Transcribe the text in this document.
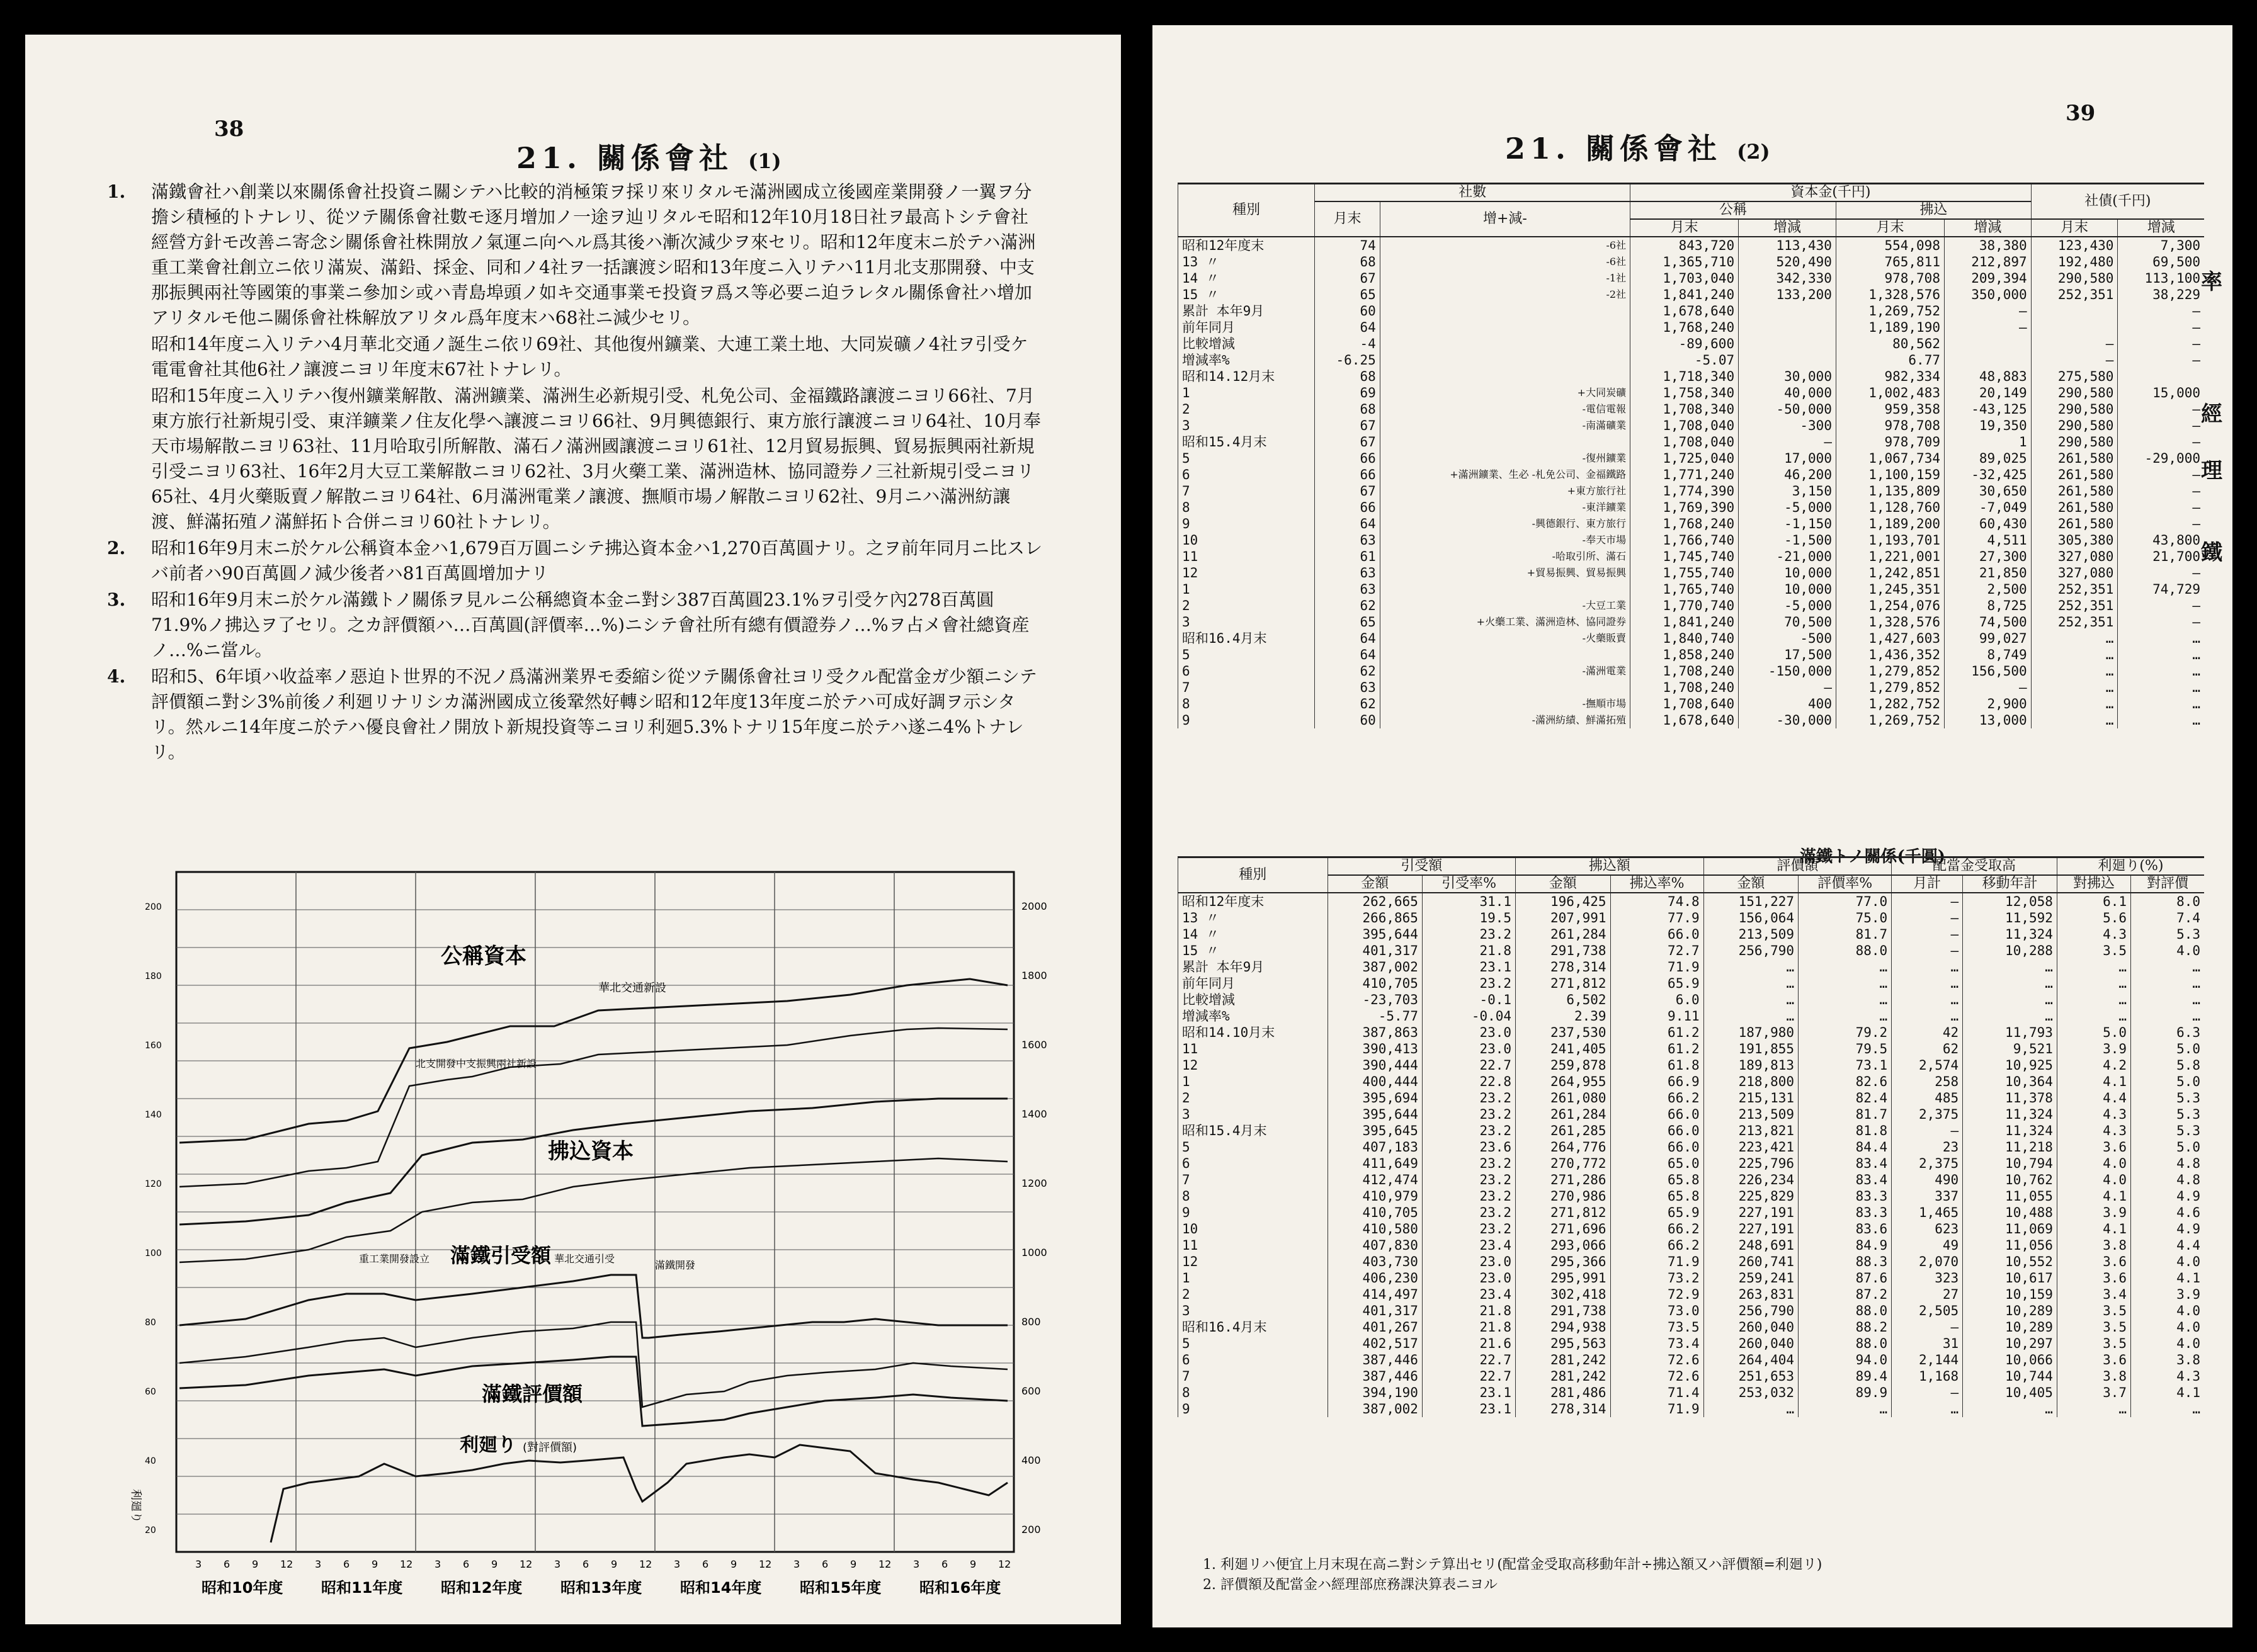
38
21. 關係會社 (1)
1. 滿鐵會社ハ創業以來關係會社投資ニ關シテハ比較的消極策ヲ採リ來リタルモ滿洲國成立後國産業開發ノ一翼ヲ分擔シ積極的トナレリ、從ツテ關係會社數モ逐月增加ノ一途ヲ辿リタルモ昭和12年10月18日社ヲ最高トシテ會社經營方針モ改善ニ寄念シ關係會社株開放ノ氣運ニ向ヘル爲其後ハ漸次減少ヲ來セリ。昭和12年度末ニ於テハ滿洲重工業會社創立ニ依リ滿炭、滿鉛、採金、同和ノ4社ヲ一括讓渡シ昭和13年度ニ入リテハ11月北支那開發、中支那振興兩社等國策的事業ニ參加シ或ハ青島埠頭ノ如キ交通事業モ投資ヲ爲ス等必要ニ迫ラレタル關係會社ハ增加アリタルモ他ニ關係會社株解放アリタル爲年度末ハ68社ニ減少セリ。
昭和14年度ニ入リテハ4月華北交通ノ誕生ニ依リ69社、其他復州鑛業、大連工業土地、大同炭礦ノ4社ヲ引受ケ電電會社其他6社ノ讓渡ニヨリ年度末67社トナレリ。
昭和15年度ニ入リテハ復州鑛業解散、滿洲鑛業、滿洲生必新規引受、札免公司、金福鐵路讓渡ニヨリ66社、7月東方旅行社新規引受、東洋鑛業ノ住友化學ヘ讓渡ニヨリ66社、9月興德銀行、東方旅行讓渡ニヨリ64社、10月奉天市場解散ニヨリ63社、11月哈取引所解散、滿石ノ滿洲國讓渡ニヨリ61社、12月貿易振興、貿易振興兩社新規引受ニヨリ63社、16年2月大豆工業解散ニヨリ62社、3月火藥工業、滿洲造林、協同證券ノ三社新規引受ニヨリ65社、4月火藥販賣ノ解散ニヨリ64社、6月滿洲電業ノ讓渡、撫順市場ノ解散ニヨリ62社、9月ニハ滿洲紡讓渡、鮮滿拓殖ノ滿鮮拓ト合併ニヨリ60社トナレリ。
2. 昭和16年9月末ニ於ケル公稱資本金ハ1,679百万圓ニシテ拂込資本金ハ1,270百萬圓ナリ。之ヲ前年同月ニ比スレバ前者ハ90百萬圓ノ減少後者ハ81百萬圓增加ナリ
3. 昭和16年9月末ニ於ケル滿鐵トノ關係ヲ見ルニ公稱總資本金ニ對シ387百萬圓23.1%ヲ引受ケ內278百萬圓71.9%ノ拂込ヲ了セリ。之カ評價額ハ…百萬圓(評價率…%)ニシテ會社所有總有價證券ノ…%ヲ占メ會社總資産ノ…%ニ當ル。
4. 昭和5、6年頃ハ收益率ノ惡迫ト世界的不況ノ爲滿洲業界モ委縮シ從ツテ關係會社ヨリ受クル配當金ガ少額ニシテ評價額ニ對シ3%前後ノ利廻リナリシカ滿洲國成立後鞏然好轉シ昭和12年度13年度ニ於テハ可成好調ヲ示シタリ。然ルニ14年度ニ於テハ優良會社ノ開放ト新規投資等ニヨリ利廻5.3%トナリ15年度ニ於テハ遂ニ4%トナレリ。
2000
1800
1600
1400
1200
1000
800
600
400
200
200
180
160
140
120
100
80
60
40
20
公稱資本
拂込資本
滿鐵引受額
滿鐵評價額
利廻り (對評價額)
華北交通新設
北支開發中支振興兩社新設
重工業開發設立	華北交通引受
滿鐵開發
利廻り
3 6 9 12 3 6 9 12 3 6 9 12 3 6 9 12 3 6 9 12 3 6 9 12 3 6 9 12
昭和10年度	昭和11年度	昭和12年度	昭和13年度	昭和14年度	昭和15年度	昭和16年度
39
21. 關係會社 (2)
率
經
理
鐵
種別	社數		資本金(千円)				社債(千円)	
	月末	增+減-	公稱		拂込			
			月末	增減	月末	增減	月末	增減
昭和12年度末	74	-6社	843,720	113,430	554,098	38,380	123,430	7,300
13 〃	68	-6社	1,365,710	520,490	765,811	212,897	192,480	69,500
14 〃	67	-1社	1,703,040	342,330	978,708	209,394	290,580	113,100
15 〃	65	-2社	1,841,240	133,200	1,328,576	350,000	252,351	38,229
累計 本年9月	60		1,678,640		1,269,752	—		—
前年同月	64		1,768,240		1,189,190	—		—
比較增減	-4		-89,600		80,562		—	—
增減率%	-6.25		-5.07		6.77		—	—
昭和14.12月末	68		1,718,340	30,000	982,334	48,883	275,580	
1	69	+大同炭礦	1,758,340	40,000	1,002,483	20,149	290,580	15,000
2	68	-電信電報	1,708,340	-50,000	959,358	-43,125	290,580	—
3	67	-南滿礦業	1,708,040	-300	978,708	19,350	290,580	—
昭和15.4月末	67		1,708,040	—	978,709	1	290,580	—
5	66	-復州鑛業	1,725,040	17,000	1,067,734	89,025	261,580	-29,000
6	66	+滿洲鑛業、生必 -札免公司、金福鐵路	1,771,240	46,200	1,100,159	-32,425	261,580	—
7	67	+東方旅行社	1,774,390	3,150	1,135,809	30,650	261,580	—
8	66	-東洋鑛業	1,769,390	-5,000	1,128,760	-7,049	261,580	—
9	64	-興德銀行、東方旅行	1,768,240	-1,150	1,189,200	60,430	261,580	—
10	63	-奉天市場	1,766,740	-1,500	1,193,701	4,511	305,380	43,800
11	61	-哈取引所、滿石	1,745,740	-21,000	1,221,001	27,300	327,080	21,700
12	63	+貿易振興、貿易振興	1,755,740	10,000	1,242,851	21,850	327,080	—
1	63		1,765,740	10,000	1,245,351	2,500	252,351	74,729
2	62	-大豆工業	1,770,740	-5,000	1,254,076	8,725	252,351	—
3	65	+火藥工業、滿洲造林、協同證券	1,841,240	70,500	1,328,576	74,500	252,351	—
昭和16.4月末	64	-火藥販賣	1,840,740	-500	1,427,603	99,027	…	…
5	64		1,858,240	17,500	1,436,352	8,749	…	…
6	62	-滿洲電業	1,708,240	-150,000	1,279,852	156,500	…	…
7	63		1,708,240	—	1,279,852	—	…	…
8	62	-撫順市場	1,708,640	400	1,282,752	2,900	…	…
9	60	-滿洲紡績、鮮滿拓殖	1,678,640	-30,000	1,269,752	13,000	…	…
滿鐵トノ關係(千圓)
種別	引受額		拂込額		評價額		配當金受取高		利廻り(%)	
	金額	引受率%	金額	拂込率%	金額	評價率%	月計	移動年計	對拂込	對評價
昭和12年度末	262,665	31.1	196,425	74.8	151,227	77.0	—	12,058	6.1	8.0
13 〃	266,865	19.5	207,991	77.9	156,064	75.0	—	11,592	5.6	7.4
14 〃	395,644	23.2	261,284	66.0	213,509	81.7	—	11,324	4.3	5.3
15 〃	401,317	21.8	291,738	72.7	256,790	88.0	—	10,288	3.5	4.0
累計 本年9月	387,002	23.1	278,314	71.9	…	…	…	…	…	…
前年同月	410,705	23.2	271,812	65.9	…	…	…	…	…	…
比較增減	-23,703	-0.1	6,502	6.0	…	…	…	…	…	…
增減率%	-5.77	-0.04	2.39	9.11	…	…	…	…	…	…
昭和14.10月末	387,863	23.0	237,530	61.2	187,980	79.2	42	11,793	5.0	6.3
11	390,413	23.0	241,405	61.2	191,855	79.5	62	9,521	3.9	5.0
12	390,444	22.7	259,878	61.8	189,813	73.1	2,574	10,925	4.2	5.8
1	400,444	22.8	264,955	66.9	218,800	82.6	258	10,364	4.1	5.0
2	395,694	23.2	261,080	66.2	215,131	82.4	485	11,378	4.4	5.3
3	395,644	23.2	261,284	66.0	213,509	81.7	2,375	11,324	4.3	5.3
昭和15.4月末	395,645	23.2	261,285	66.0	213,821	81.8	—	11,324	4.3	5.3
5	407,183	23.6	264,776	66.0	223,421	84.4	23	11,218	3.6	5.0
6	411,649	23.2	270,772	65.0	225,796	83.4	2,375	10,794	4.0	4.8
7	412,474	23.2	271,286	65.8	226,234	83.4	490	10,762	4.0	4.8
8	410,979	23.2	270,986	65.8	225,829	83.3	337	11,055	4.1	4.9
9	410,705	23.2	271,812	65.9	227,191	83.3	1,465	10,488	3.9	4.6
10	410,580	23.2	271,696	66.2	227,191	83.6	623	11,069	4.1	4.9
11	407,830	23.4	293,066	66.2	248,691	84.9	49	11,056	3.8	4.4
12	403,730	23.0	295,366	71.9	260,741	88.3	2,070	10,552	3.6	4.0
1	406,230	23.0	295,991	73.2	259,241	87.6	323	10,617	3.6	4.1
2	414,497	23.4	302,418	72.9	263,831	87.2	27	10,159	3.4	3.9
3	401,317	21.8	291,738	73.0	256,790	88.0	2,505	10,289	3.5	4.0
昭和16.4月末	401,267	21.8	294,938	73.5	260,040	88.2	—	10,289	3.5	4.0
5	402,517	21.6	295,563	73.4	260,040	88.0	31	10,297	3.5	4.0
6	387,446	22.7	281,242	72.6	264,404	94.0	2,144	10,066	3.6	3.8
7	387,446	22.7	281,242	72.6	251,653	89.4	1,168	10,744	3.8	4.3
8	394,190	23.1	281,486	71.4	253,032	89.9	—	10,405	3.7	4.1
9	387,002	23.1	278,314	71.9	…	…	…	…	…	…
1. 利廻リハ便宜上月末現在高ニ對シテ算出セリ(配當金受取高移動年計÷拂込額又ハ評價額=利廻リ)
2. 評價額及配當金ハ經理部庶務課決算表ニヨル
